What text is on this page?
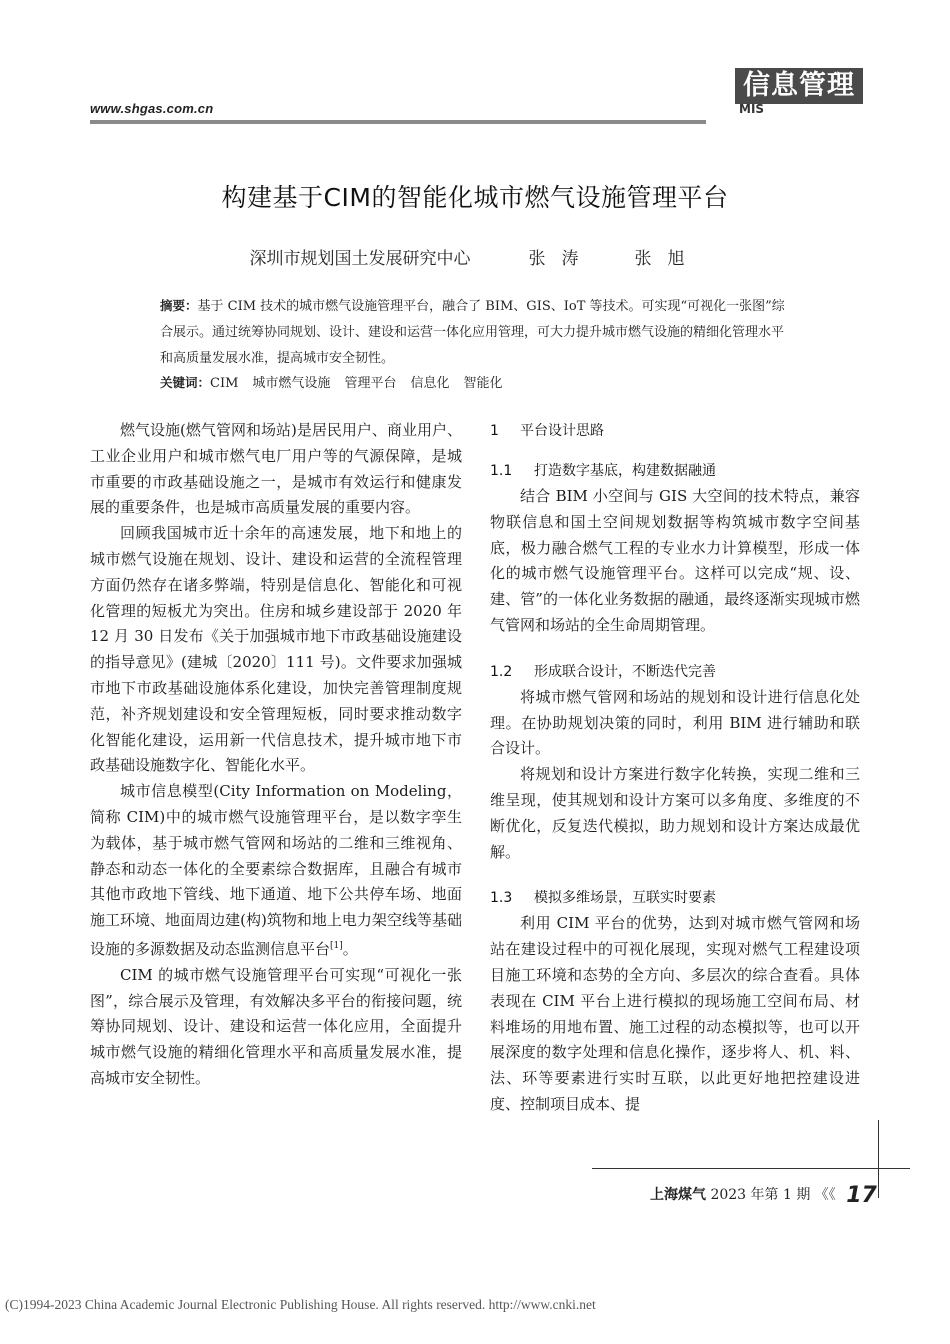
www.shgas.com.cn
信息管理
MIS
构建基于CIM的智能化城市燃气设施管理平台
深圳市规划国土发展研究中心	张涛 张旭
摘要：基于 CIM 技术的城市燃气设施管理平台，融合了 BIM、GIS、IoT 等技术。可实现“可视化一张图”综合展示。通过统筹协同规划、设计、建设和运营一体化应用管理，可大力提升城市燃气设施的精细化管理水平和高质量发展水准，提高城市安全韧性。
关键词：CIM 城市燃气设施 管理平台 信息化 智能化

燃气设施(燃气管网和场站)是居民用户、商业用户、工业企业用户和城市燃气电厂用户等的气源保障，是城市重要的市政基础设施之一，是城市有效运行和健康发展的重要条件，也是城市高质量发展的重要内容。

回顾我国城市近十余年的高速发展，地下和地上的城市燃气设施在规划、设计、建设和运营的全流程管理方面仍然存在诸多弊端，特别是信息化、智能化和可视化管理的短板尤为突出。住房和城乡建设部于 2020 年 12 月 30 日发布《关于加强城市地下市政基础设施建设的指导意见》(建城〔2020〕111 号)。文件要求加强城市地下市政基础设施体系化建设，加快完善管理制度规范，补齐规划建设和安全管理短板，同时要求推动数字化智能化建设，运用新一代信息技术，提升城市地下市政基础设施数字化、智能化水平。

城市信息模型(City Information on Modeling，简称 CIM)中的城市燃气设施管理平台，是以数字孪生为载体，基于城市燃气管网和场站的二维和三维视角、静态和动态一体化的全要素综合数据库，且融合有城市其他市政地下管线、地下通道、地下公共停车场、地面施工环境、地面周边建(构)筑物和地上电力架空线等基础设施的多源数据及动态监测信息平台[1]。

CIM 的城市燃气设施管理平台可实现“可视化一张图”，综合展示及管理，有效解决多平台的衔接问题，统筹协同规划、设计、建设和运营一体化应用，全面提升城市燃气设施的精细化管理水平和高质量发展水准，提高城市安全韧性。

1 平台设计思路

1.1 打造数字基底，构建数据融通

结合 BIM 小空间与 GIS 大空间的技术特点，兼容物联信息和国土空间规划数据等构筑城市数字空间基底，极力融合燃气工程的专业水力计算模型，形成一体化的城市燃气设施管理平台。这样可以完成“规、设、建、管”的一体化业务数据的融通，最终逐渐实现城市燃气管网和场站的全生命周期管理。

1.2 形成联合设计，不断迭代完善

将城市燃气管网和场站的规划和设计进行信息化处理。在协助规划决策的同时，利用 BIM 进行辅助和联合设计。

将规划和设计方案进行数字化转换，实现二维和三维呈现，使其规划和设计方案可以多角度、多维度的不断优化，反复迭代模拟，助力规划和设计方案达成最优解。

1.3 模拟多维场景，互联实时要素

利用 CIM 平台的优势，达到对城市燃气管网和场站在建设过程中的可视化展现，实现对燃气工程建设项目施工环境和态势的全方向、多层次的综合查看。具体表现在 CIM 平台上进行模拟的现场施工空间布局、材料堆场的用地布置、施工过程的动态模拟等，也可以开展深度的数字处理和信息化操作，逐步将人、机、料、法、环等要素进行实时互联，以此更好地把控建设进度、控制项目成本、提

上海煤气 2023 年第 1 期 《《 17
(C)1994-2023 China Academic Journal Electronic Publishing House. All rights reserved. http://www.cnki.net
